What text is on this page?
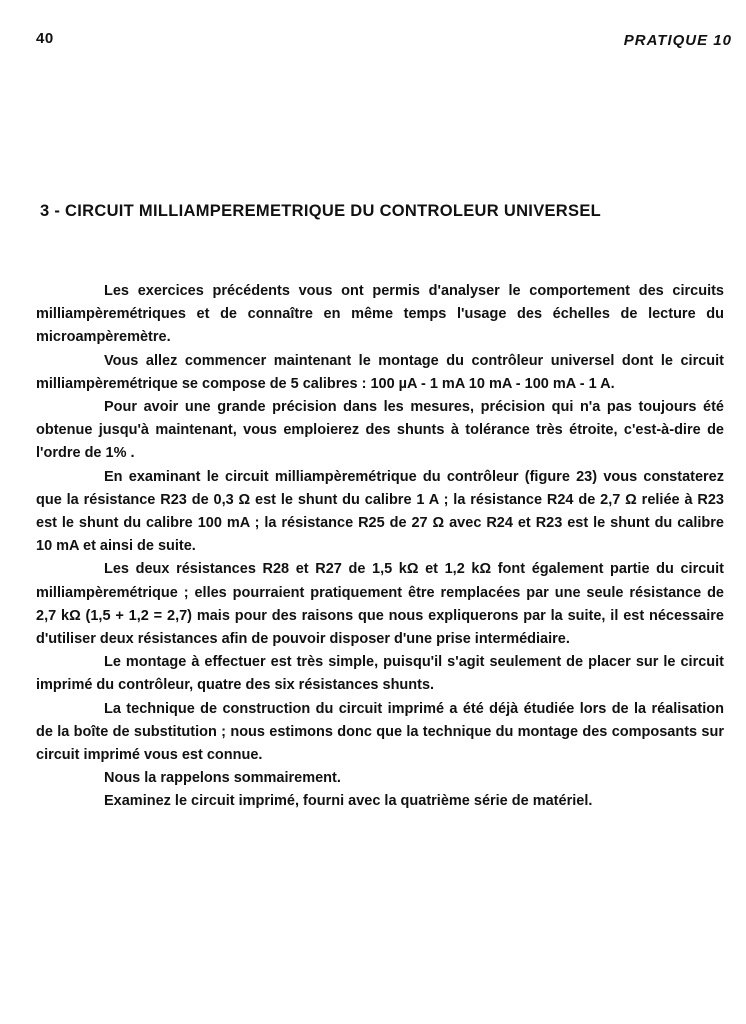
40	PRATIQUE 10
3 - CIRCUIT MILLIAMPEREMETRIQUE DU CONTROLEUR UNIVERSEL

Les exercices précédents vous ont permis d'analyser le comportement des circuits milliampèremétriques et de connaître en même temps l'usage des échelles de lecture du microampèremètre.

Vous allez commencer maintenant le montage du contrôleur universel dont le circuit milliampèremétrique se compose de 5 calibres : 100 µA - 1 mA 10 mA - 100 mA - 1 A.

Pour avoir une grande précision dans les mesures, précision qui n'a pas toujours été obtenue jusqu'à maintenant, vous emploierez des shunts à tolérance très étroite, c'est-à-dire de l'ordre de 1% .

En examinant le circuit milliampèremétrique du contrôleur (figure 23) vous constaterez que la résistance R23 de 0,3 Ω est le shunt du calibre 1 A ; la résistance R24 de 2,7 Ω reliée à R23 est le shunt du calibre 100 mA ; la résistance R25 de 27 Ω avec R24 et R23 est le shunt du calibre 10 mA et ainsi de suite.

Les deux résistances R28 et R27 de 1,5 kΩ et 1,2 kΩ font également partie du circuit milliampèremétrique ; elles pourraient pratiquement être remplacées par une seule résistance de 2,7 kΩ (1,5 + 1,2 = 2,7) mais pour des raisons que nous expliquerons par la suite, il est nécessaire d'utiliser deux résistances afin de pouvoir disposer d'une prise intermédiaire.

Le montage à effectuer est très simple, puisqu'il s'agit seulement de placer sur le circuit imprimé du contrôleur, quatre des six résistances shunts.

La technique de construction du circuit imprimé a été déjà étudiée lors de la réalisation de la boîte de substitution ; nous estimons donc que la technique du montage des composants sur circuit imprimé vous est connue.

Nous la rappelons sommairement.

Examinez le circuit imprimé, fourni avec la quatrième série de matériel.
